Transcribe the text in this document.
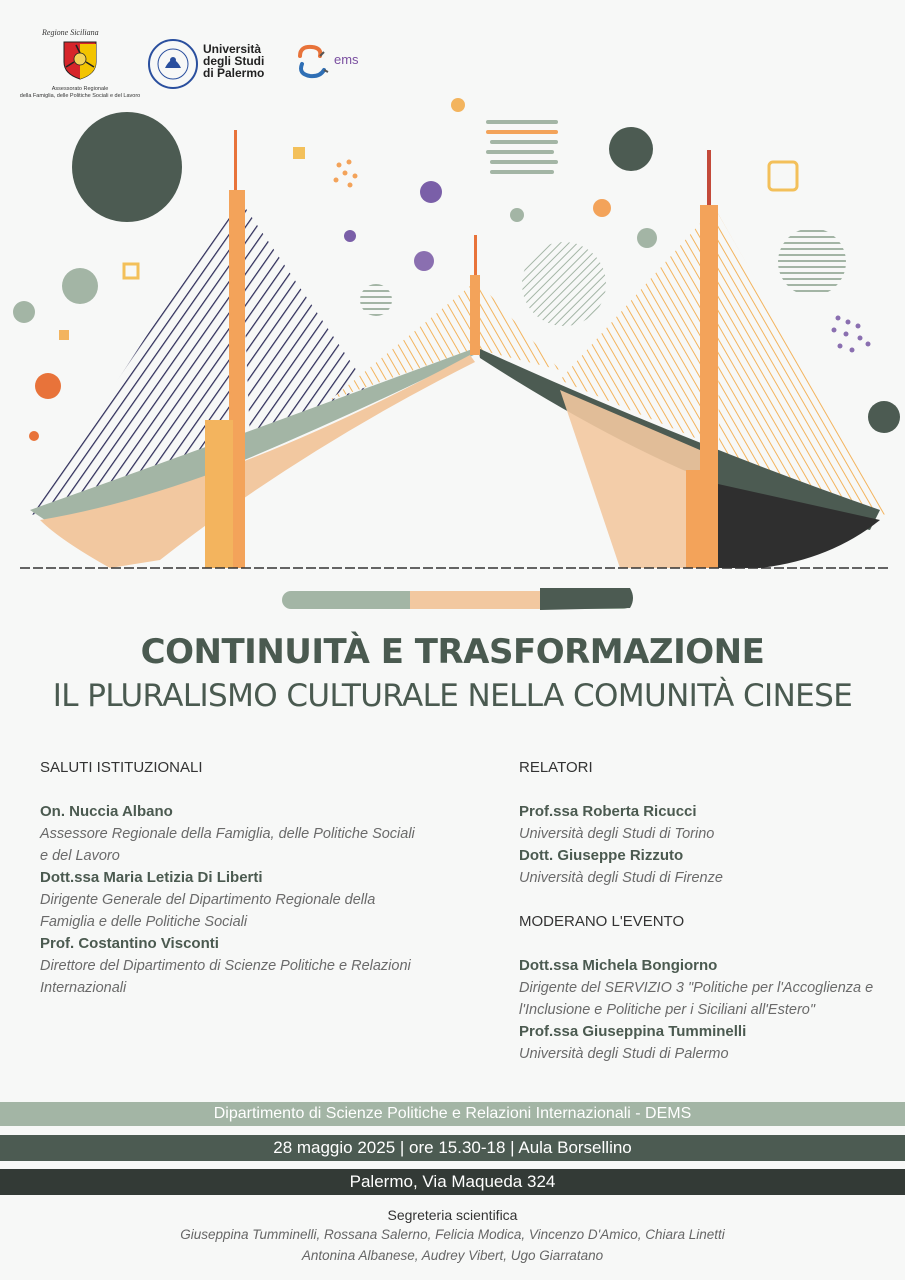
Regione Siciliana
Assessorato Regionale
della Famiglia, delle Politiche Sociali e del Lavoro
Università
degli Studi
di Palermo
ems
CONTINUITÀ E TRASFORMAZIONE
IL PLURALISMO CULTURALE NELLA COMUNITÀ CINESE
SALUTI ISTITUZIONALI
On. Nuccia Albano
Assessore Regionale della Famiglia, delle Politiche Sociali
e del Lavoro
Dott.ssa Maria Letizia Di Liberti
Dirigente Generale del Dipartimento Regionale della
Famiglia e delle Politiche Sociali
Prof. Costantino Visconti
Direttore del Dipartimento di Scienze Politiche e Relazioni
Internazionali
RELATORI
Prof.ssa Roberta Ricucci
Università degli Studi di Torino
Dott. Giuseppe Rizzuto
Università degli Studi di Firenze
MODERANO L'EVENTO
Dott.ssa Michela Bongiorno
Dirigente del SERVIZIO 3 "Politiche per l'Accoglienza e
l'Inclusione e Politiche per i Siciliani all'Estero"
Prof.ssa Giuseppina Tumminelli
Università degli Studi di Palermo
Dipartimento di Scienze Politiche e Relazioni Internazionali - DEMS
28 maggio 2025 | ore 15.30-18 | Aula Borsellino
Palermo, Via Maqueda 324
Segreteria scientifica
Giuseppina Tumminelli, Rossana Salerno, Felicia Modica, Vincenzo D'Amico, Chiara Linetti
Antonina Albanese, Audrey Vibert, Ugo Giarratano
